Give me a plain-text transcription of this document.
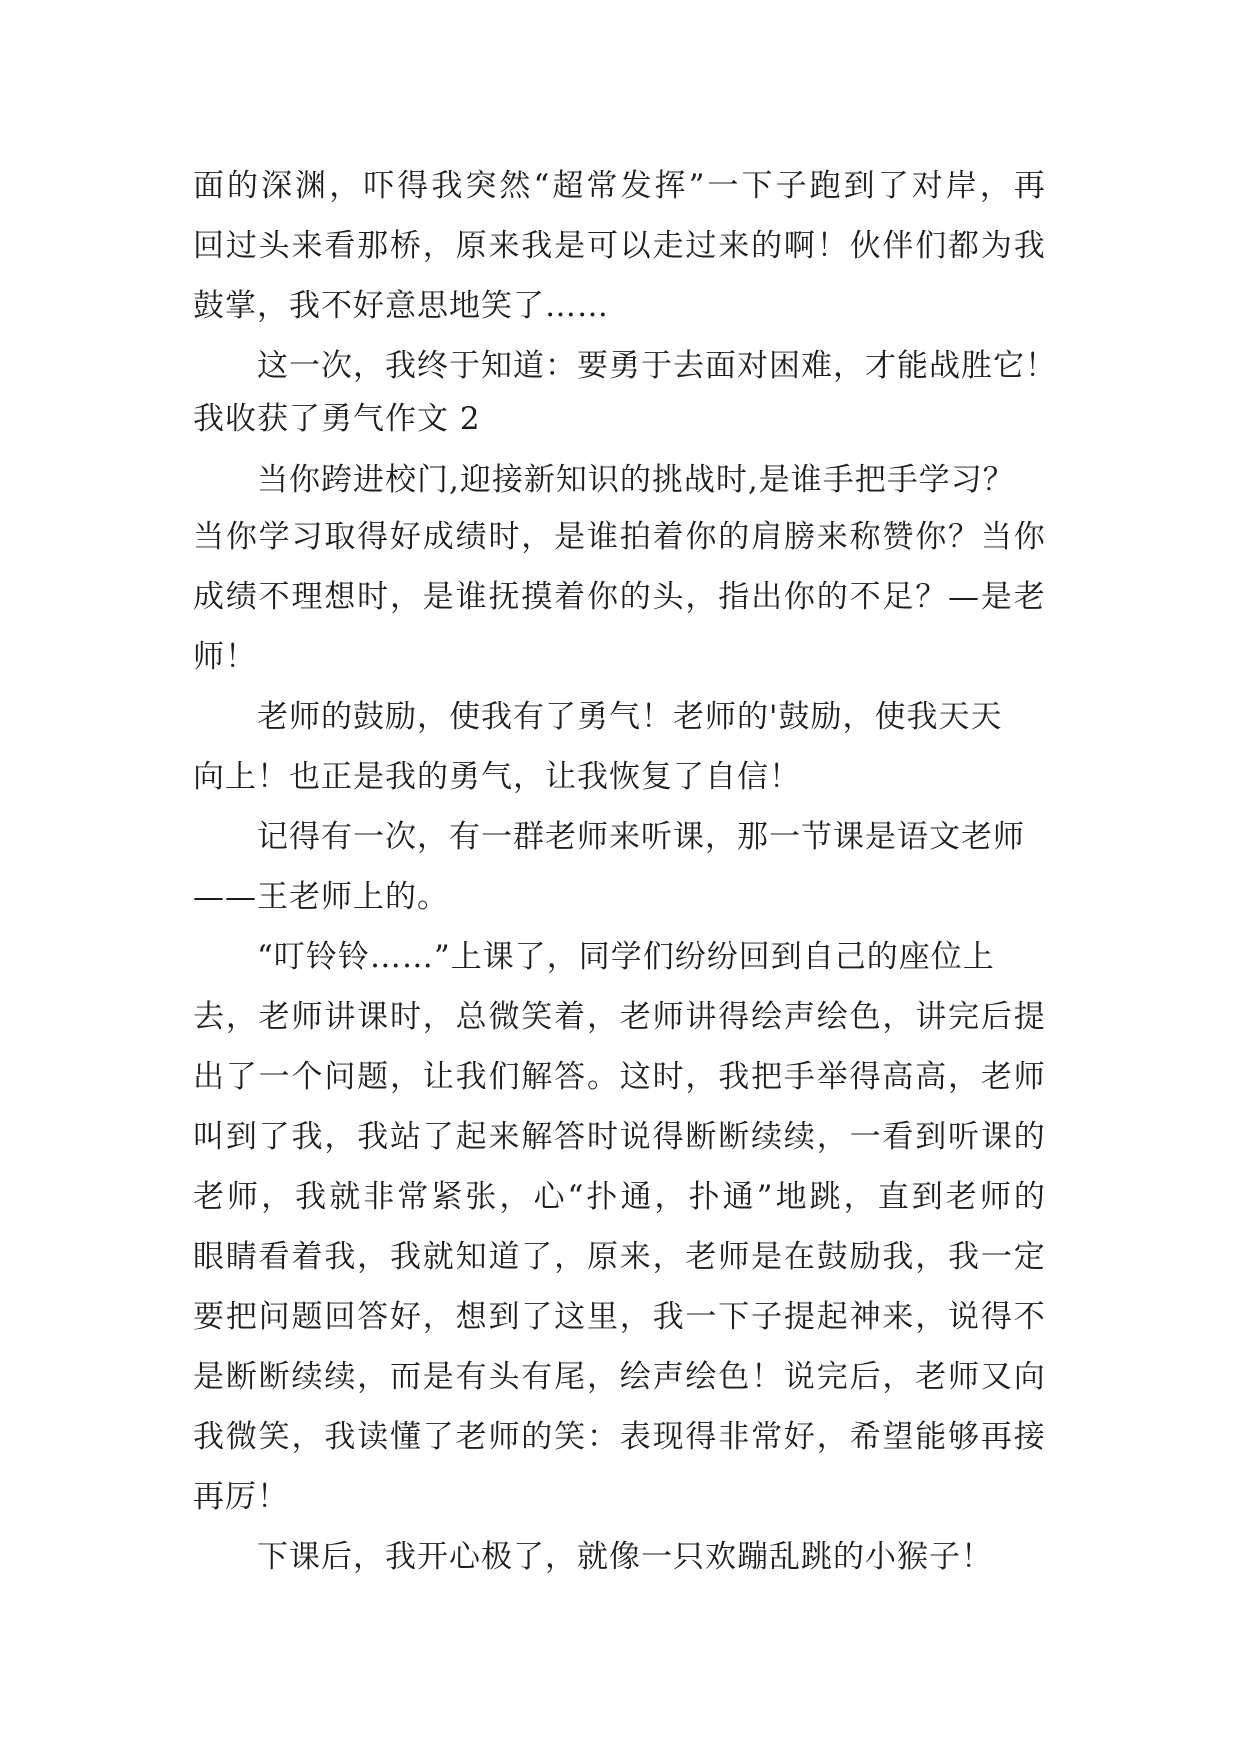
面 的 深 渊 ， 吓 得 我 突 然 “ 超 常 发 挥 ” 一 下 子 跑 到 了 对 岸 ， 再

回 过 头 来 看 那 桥 ， 原 来 我 是 可 以 走 过 来 的 啊 ！ 伙 伴 们 都 为 我

鼓掌，我不好意思地笑了……

这一次，我终于知道：要勇于去面对困难，才能战胜它！

我收获了勇气作文 2

当你跨进校门,迎接新知识的挑战时,是谁手把手学习？

当 你 学 习 取 得 好 成 绩 时 ， 是 谁 拍 着 你 的 肩 膀 来 称 赞 你 ？ 当 你

成 绩 不 理 想 时 ， 是 谁 抚 摸 着 你 的 头 ， 指 出 你 的 不 足 ？ — 是 老

师！

老师的鼓励，使我有了勇气！老师的'鼓励，使我天天

向上！也正是我的勇气，让我恢复了自信！

记得有一次，有一群老师来听课，那一节课是语文老师

——王老师上的。

“叮铃铃……”上课了，同学们纷纷回到自己的座位上

去 ， 老 师 讲 课 时 ， 总 微 笑 着 ， 老 师 讲 得 绘 声 绘 色 ， 讲 完 后 提

出 了 一 个 问 题 ， 让 我 们 解 答 。 这 时 ， 我 把 手 举 得 高 高 ， 老 师

叫 到 了 我 ， 我 站 了 起 来 解 答 时 说 得 断 断 续 续 ， 一 看 到 听 课 的

老 师 ， 我 就 非 常 紧 张 ， 心 “ 扑 通 ， 扑 通 ” 地 跳 ， 直 到 老 师 的

眼 睛 看 着 我 ， 我 就 知 道 了 ， 原 来 ， 老 师 是 在 鼓 励 我 ， 我 一 定

要 把 问 题 回 答 好 ， 想 到 了 这 里 ， 我 一 下 子 提 起 神 来 ， 说 得 不

是 断 断 续 续 ， 而 是 有 头 有 尾 ， 绘 声 绘 色 ！ 说 完 后 ， 老 师 又 向

我 微 笑 ， 我 读 懂 了 老 师 的 笑 ： 表 现 得 非 常 好 ， 希 望 能 够 再 接

再厉！

下课后，我开心极了，就像一只欢蹦乱跳的小猴子！
